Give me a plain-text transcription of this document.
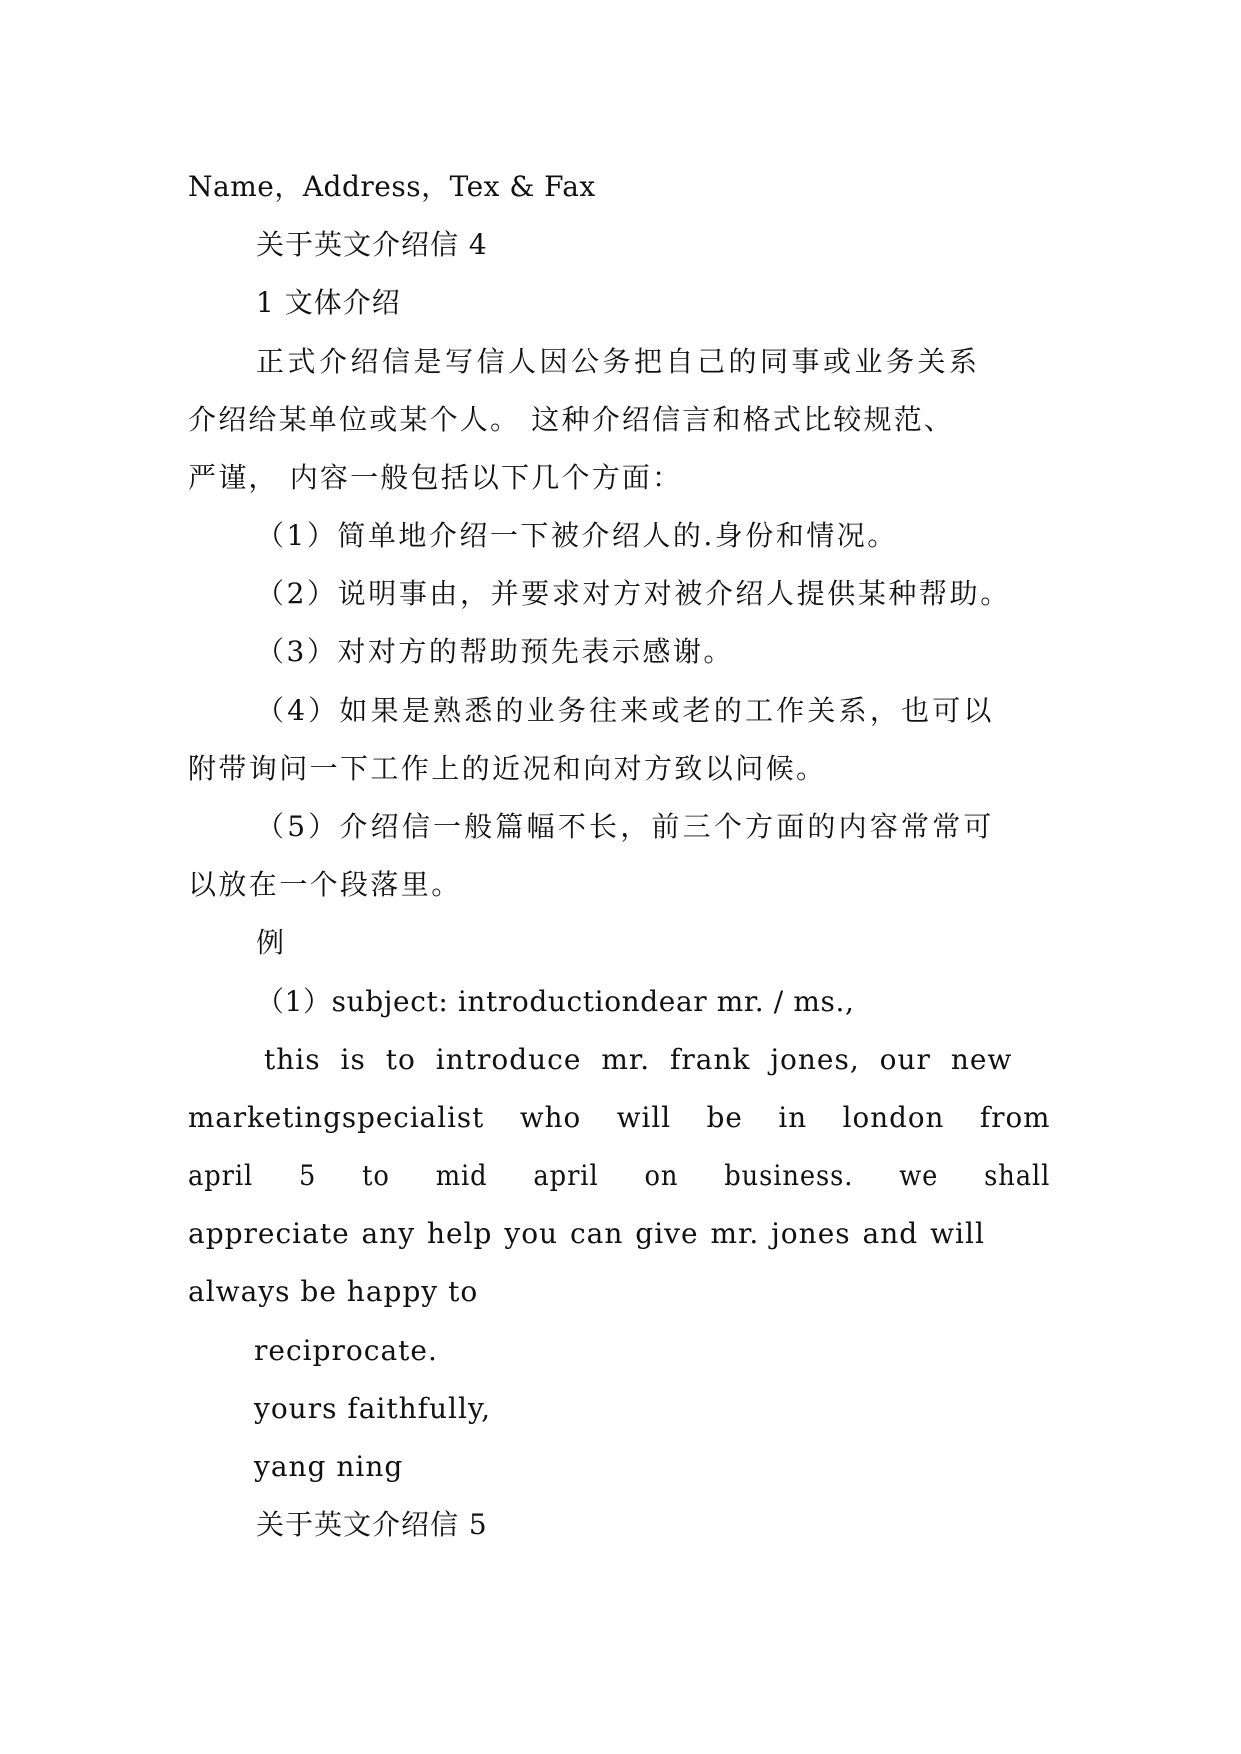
Name，Address，Tex & Fax
关于英文介绍信 4
1 文体介绍
正式介绍信是写信人因公务把自己的同事或业务关系
介绍给某单位或某个人。 这种介绍信言和格式比较规范、
严谨， 内容一般包括以下几个方面：
（1）简单地介绍一下被介绍人的.身份和情况。
（2）说明事由，并要求对方对被介绍人提供某种帮助。
（3）对对方的帮助预先表示感谢。
（4）如果是熟悉的业务往来或老的工作关系，也可以
附带询问一下工作上的近况和向对方致以问候。
（5）介绍信一般篇幅不长，前三个方面的内容常常可
以放在一个段落里。
例
（1）subject: introductiondear mr. / ms.,
this is to introduce mr. frank jones, our new
marketingspecialist who will be in london from
april 5 to mid april on business. we shall
appreciate any help you can give mr. jones and will
always be happy to
reciprocate.
yours faithfully,
yang ning
关于英文介绍信 5
